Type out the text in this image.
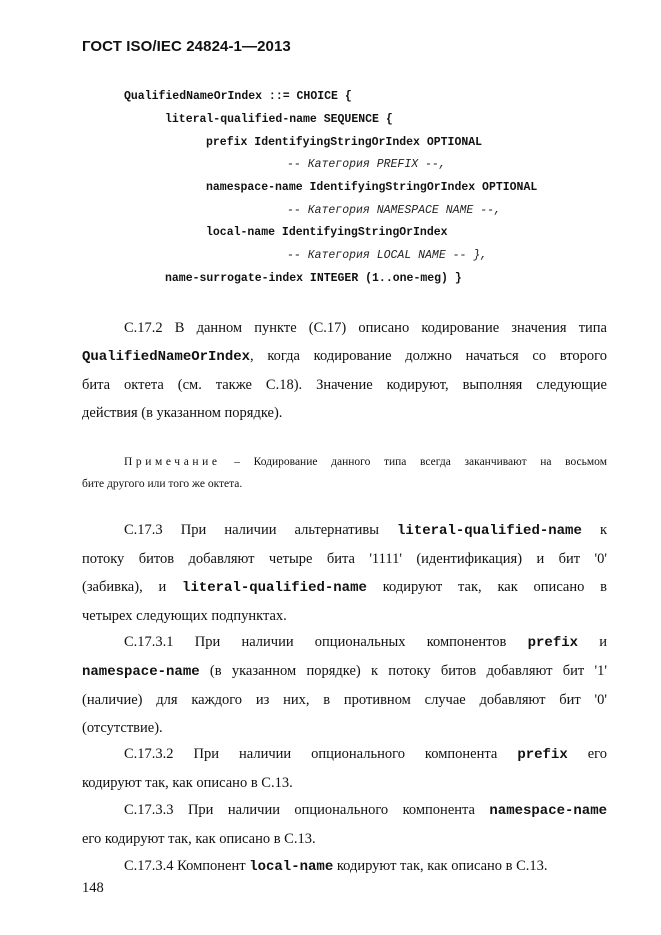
ГОСТ ISO/IEC 24824-1—2013
QualifiedNameOrIndex ::= CHOICE {
literal-qualified-name SEQUENCE {
prefix IdentifyingStringOrIndex OPTIONAL
-- Категория PREFIX --,
namespace-name IdentifyingStringOrIndex OPTIONAL
-- Категория NAMESPACE NAME --,
local-name IdentifyingStringOrIndex
-- Категория LOCAL NAME -- },
name-surrogate-index INTEGER (1..one-meg) }
C.17.2 В данном пункте (C.17) описано кодирование значения типа
QualifiedNameOrIndex, когда кодирование должно начаться со второго
бита октета (см. также C.18). Значение кодируют, выполняя следующие
действия (в указанном порядке).
Примечание – Кодирование данного типа всегда заканчивают на восьмом
бите другого или того же октета.
C.17.3 При наличии альтернативы literal-qualified-name к
потоку битов добавляют четыре бита '1111' (идентификация) и бит '0'
(забивка), и literal-qualified-name кодируют так, как описано в
четырех следующих подпунктах.
C.17.3.1 При наличии опциональных компонентов prefix и
namespace-name (в указанном порядке) к потоку битов добавляют бит '1'
(наличие) для каждого из них, в противном случае добавляют бит '0'
(отсутствие).
C.17.3.2 При наличии опционального компонента prefix его
кодируют так, как описано в C.13.
C.17.3.3 При наличии опционального компонента namespace-name
его кодируют так, как описано в C.13.
C.17.3.4 Компонент local-name кодируют так, как описано в C.13.
148
